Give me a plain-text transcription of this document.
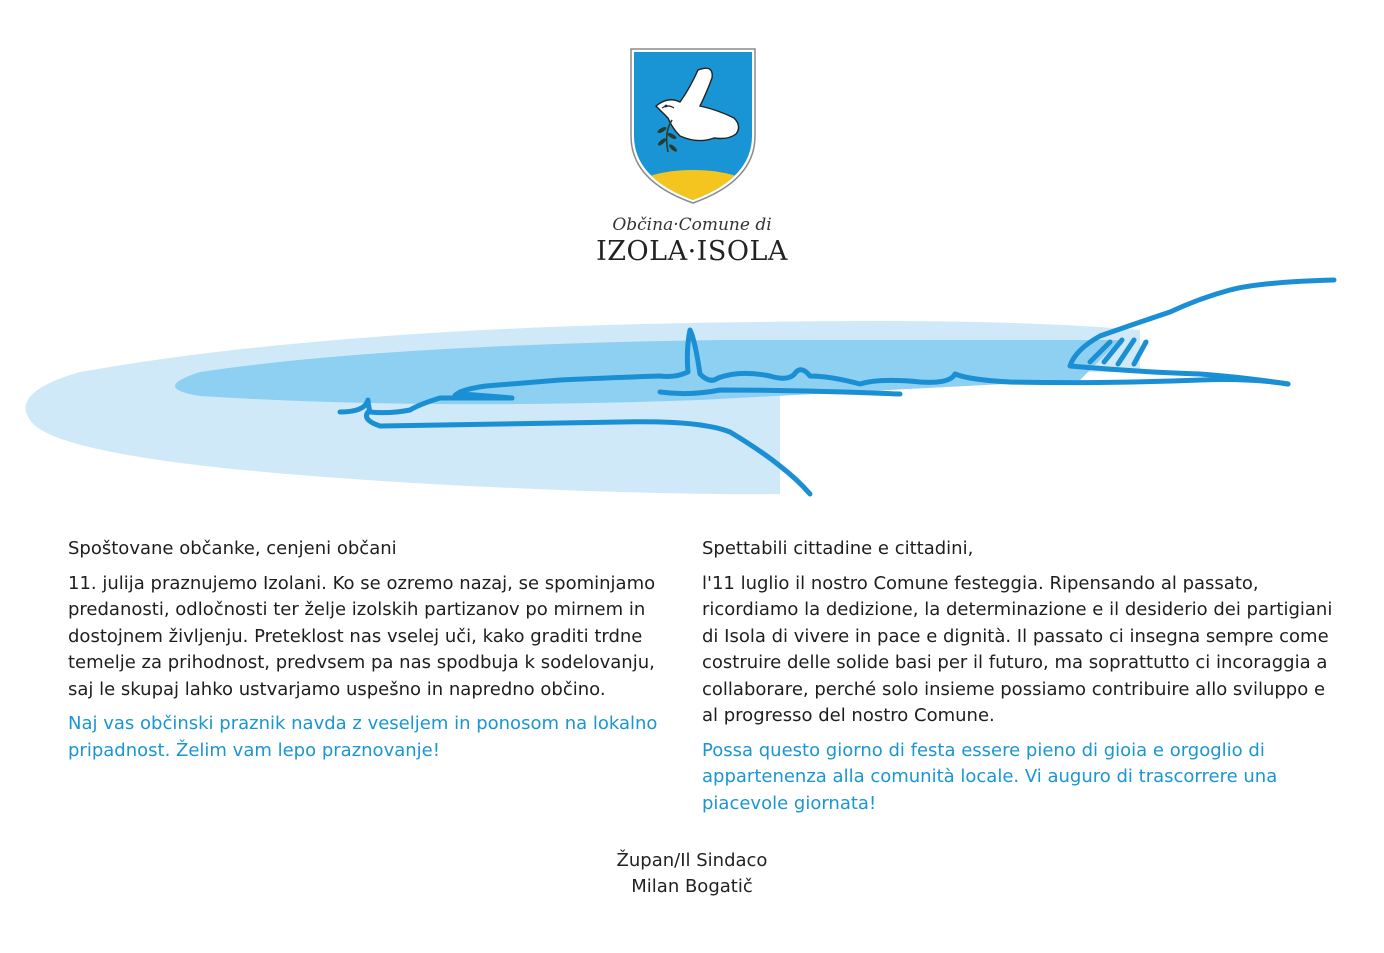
Občina·Comune di
IZOLA·ISOLA

Spoštovane občanke, cenjeni občani

11. julija praznujemo Izolani. Ko se ozremo nazaj, se spominjamo predanosti, odločnosti ter želje izolskih partizanov po mirnem in dostojnem življenju. Preteklost nas vselej uči, kako graditi trdne temelje za prihodnost, predvsem pa nas spodbuja k sodelovanju, saj le skupaj lahko ustvarjamo uspešno in napredno občino.

Naj vas občinski praznik navda z veseljem in ponosom na lokalno pripadnost. Želim vam lepo praznovanje!

Spettabili cittadine e cittadini,

l'11 luglio il nostro Comune festeggia. Ripensando al passato, ricordiamo la dedizione, la determinazione e il desiderio dei partigiani di Isola di vivere in pace e dignità. Il passato ci insegna sempre come costruire delle solide basi per il futuro, ma soprattutto ci incoraggia a collaborare, perché solo insieme possiamo contribuire allo sviluppo e al progresso del nostro Comune.

Possa questo giorno di festa essere pieno di gioia e orgoglio di appartenenza alla comunità locale. Vi auguro di trascorrere una piacevole giornata!

Župan/Il Sindaco
Milan Bogatič
